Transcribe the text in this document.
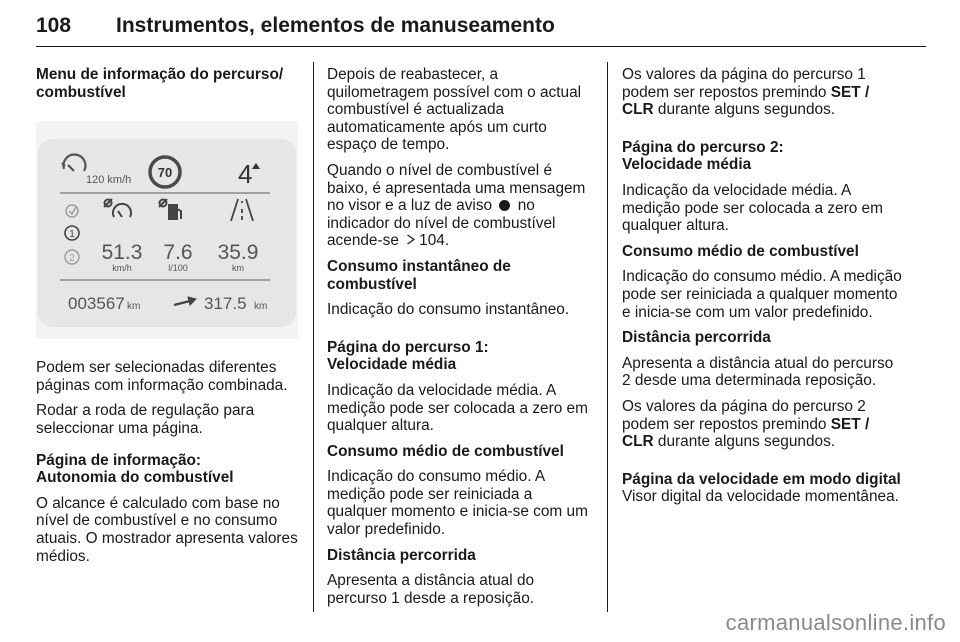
108 Instrumentos, elementos de manuseamento
Menu de informação do percurso/ combustível
120 km/h 70	4
1
2 51.3
km/h
7.6
l/100
35.9
km
003567 km	317.5 km
Podem ser selecionadas diferentes páginas com informação combinada.
Rodar a roda de regulação para seleccionar uma página.
Página de informação:
Autonomia do combustível
O alcance é calculado com base no nível de combustível e no consumo atuais. O mostrador apresenta valores médios.
Depois de reabastecer, a quilometragem possível com o actual combustível é actualizada automaticamente após um curto espaço de tempo.
Quando o nível de combustível é baixo, é apresentada uma mensagem no visor e a luz de aviso no indicador do nível de combustível acende-se 104.
Consumo instantâneo de combustível
Indicação do consumo instantâneo.
Página do percurso 1:
Velocidade média
Indicação da velocidade média. A medição pode ser colocada a zero em qualquer altura.
Consumo médio de combustível
Indicação do consumo médio. A medição pode ser reiniciada a qualquer momento e inicia-se com um valor predefinido.
Distância percorrida
Apresenta a distância atual do percurso 1 desde a reposição.
Os valores da página do percurso 1 podem ser repostos premindo SET / CLR durante alguns segundos.
Página do percurso 2:
Velocidade média
Indicação da velocidade média. A medição pode ser colocada a zero em qualquer altura.
Consumo médio de combustível
Indicação do consumo médio. A medição pode ser reiniciada a qualquer momento e inicia-se com um valor predefinido.
Distância percorrida
Apresenta a distância atual do percurso 2 desde uma determinada reposição.
Os valores da página do percurso 2 podem ser repostos premindo SET / CLR durante alguns segundos.
Página da velocidade em modo digital
Visor digital da velocidade momentânea.
carmanualsonline.info
